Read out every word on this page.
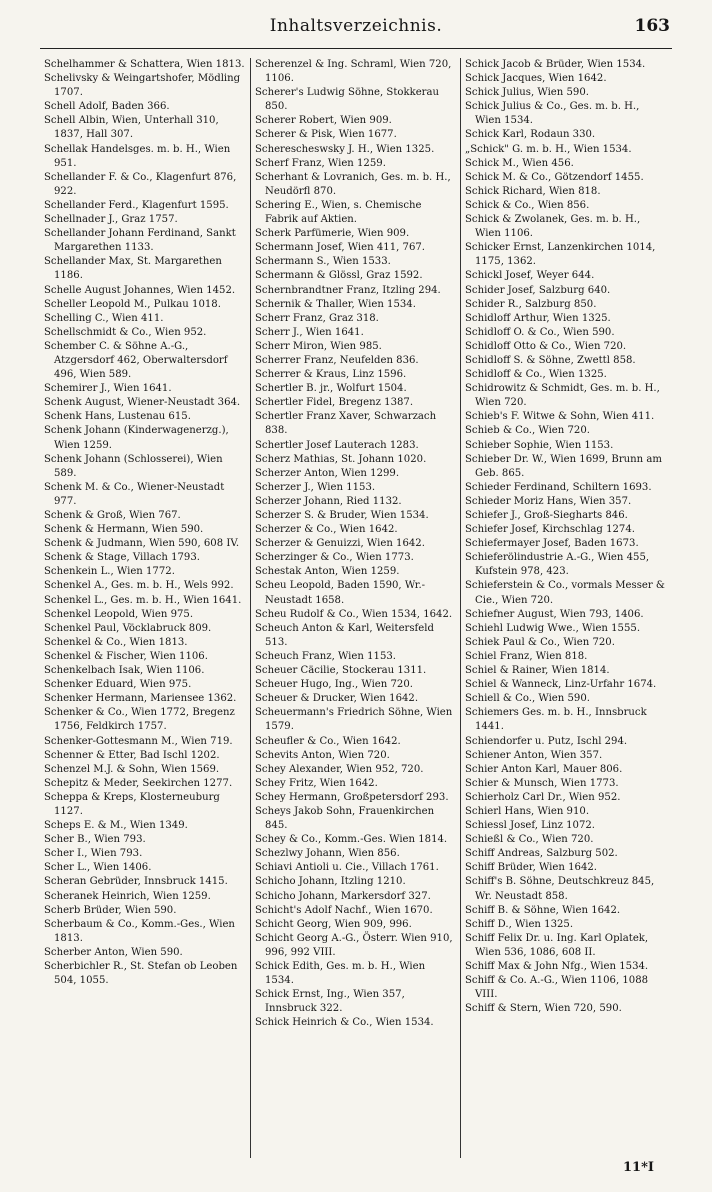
Inhaltsverzeichnis.	163

Schelhammer & Schattera, Wien 1813.

Schelivsky & Weingartshofer, Mödling 1707.

Schell Adolf, Baden 366.

Schell Albin, Wien, Unterhall 310, 1837, Hall 307.

Schellak Handelsges. m. b. H., Wien 951.

Schellander F. & Co., Klagenfurt 876, 922.

Schellander Ferd., Klagenfurt 1595.

Schellnader J., Graz 1757.

Schellander Johann Ferdinand, Sankt Margarethen 1133.

Schellander Max, St. Margarethen 1186.

Schelle August Johannes, Wien 1452.

Scheller Leopold M., Pulkau 1018.

Schelling C., Wien 411.

Schellschmidt & Co., Wien 952.

Schember C. & Söhne A.-G., Atzgersdorf 462, Oberwaltersdorf 496, Wien 589.

Schemirer J., Wien 1641.

Schenk August, Wiener-Neustadt 364.

Schenk Hans, Lustenau 615.

Schenk Johann (Kinderwagenerzg.), Wien 1259.

Schenk Johann (Schlosserei), Wien 589.

Schenk M. & Co., Wiener-Neustadt 977.

Schenk & Groß, Wien 767.

Schenk & Hermann, Wien 590.

Schenk & Judmann, Wien 590, 608 IV.

Schenk & Stage, Villach 1793.

Schenkein L., Wien 1772.

Schenkel A., Ges. m. b. H., Wels 992.

Schenkel L., Ges. m. b. H., Wien 1641.

Schenkel Leopold, Wien 975.

Schenkel Paul, Vöcklabruck 809.

Schenkel & Co., Wien 1813.

Schenkel & Fischer, Wien 1106.

Schenkelbach Isak, Wien 1106.

Schenker Eduard, Wien 975.

Schenker Hermann, Mariensee 1362.

Schenker & Co., Wien 1772, Bregenz 1756, Feldkirch 1757.

Schenker-Gottesmann M., Wien 719.

Schenner & Etter, Bad Ischl 1202.

Schenzel M.J. & Sohn, Wien 1569.

Schepitz & Meder, Seekirchen 1277.

Scheppa & Kreps, Klosterneuburg 1127.

Scheps E. & M., Wien 1349.

Scher B., Wien 793.

Scher I., Wien 793.

Scher L., Wien 1406.

Scheran Gebrüder, Innsbruck 1415.

Scheranek Heinrich, Wien 1259.

Scherb Brüder, Wien 590.

Scherbaum & Co., Komm.-Ges., Wien 1813.

Scherber Anton, Wien 590.

Scherbichler R., St. Stefan ob Leoben 504, 1055.

Scherenzel & Ing. Schraml, Wien 720, 1106.

Scherer's Ludwig Söhne, Stokkerau 850.

Scherer Robert, Wien 909.

Scherer & Pisk, Wien 1677.

Scherescheswsky J. H., Wien 1325.

Scherf Franz, Wien 1259.

Scherhant & Lovranich, Ges. m. b. H., Neudörfl 870.

Schering E., Wien, s. Chemische Fabrik auf Aktien.

Scherk Parfümerie, Wien 909.

Schermann Josef, Wien 411, 767.

Schermann S., Wien 1533.

Schermann & Glössl, Graz 1592.

Schernbrandtner Franz, Itzling 294.

Schernik & Thaller, Wien 1534.

Scherr Franz, Graz 318.

Scherr J., Wien 1641.

Scherr Miron, Wien 985.

Scherrer Franz, Neufelden 836.

Scherrer & Kraus, Linz 1596.

Schertler B. jr., Wolfurt 1504.

Schertler Fidel, Bregenz 1387.

Schertler Franz Xaver, Schwarzach 838.

Schertler Josef Lauterach 1283.

Scherz Mathias, St. Johann 1020.

Scherzer Anton, Wien 1299.

Scherzer J., Wien 1153.

Scherzer Johann, Ried 1132.

Scherzer S. & Bruder, Wien 1534.

Scherzer & Co., Wien 1642.

Scherzer & Genuizzi, Wien 1642.

Scherzinger & Co., Wien 1773.

Schestak Anton, Wien 1259.

Scheu Leopold, Baden 1590, Wr.-Neustadt 1658.

Scheu Rudolf & Co., Wien 1534, 1642.

Scheuch Anton & Karl, Weitersfeld 513.

Scheuch Franz, Wien 1153.

Scheuer Cäcilie, Stockerau 1311.

Scheuer Hugo, Ing., Wien 720.

Scheuer & Drucker, Wien 1642.

Scheuermann's Friedrich Söhne, Wien 1579.

Scheufler & Co., Wien 1642.

Schevits Anton, Wien 720.

Schey Alexander, Wien 952, 720.

Schey Fritz, Wien 1642.

Schey Hermann, Großpetersdorf 293.

Scheys Jakob Sohn, Frauenkirchen 845.

Schey & Co., Komm.-Ges. Wien 1814.

Schezlwy Johann, Wien 856.

Schiavi Antioli u. Cie., Villach 1761.

Schicho Johann, Itzling 1210.

Schicho Johann, Markersdorf 327.

Schicht's Adolf Nachf., Wien 1670.

Schicht Georg, Wien 909, 996.

Schicht Georg A.-G., Österr. Wien 910, 996, 992 VIII.

Schick Edith, Ges. m. b. H., Wien 1534.

Schick Ernst, Ing., Wien 357, Innsbruck 322.

Schick Heinrich & Co., Wien 1534.

Schick Jacob & Brüder, Wien 1534.

Schick Jacques, Wien 1642.

Schick Julius, Wien 590.

Schick Julius & Co., Ges. m. b. H., Wien 1534.

Schick Karl, Rodaun 330.

„Schick" G. m. b. H., Wien 1534.

Schick M., Wien 456.

Schick M. & Co., Götzendorf 1455.

Schick Richard, Wien 818.

Schick & Co., Wien 856.

Schick & Zwolanek, Ges. m. b. H., Wien 1106.

Schicker Ernst, Lanzenkirchen 1014, 1175, 1362.

Schickl Josef, Weyer 644.

Schider Josef, Salzburg 640.

Schider R., Salzburg 850.

Schidloff Arthur, Wien 1325.

Schidloff O. & Co., Wien 590.

Schidloff Otto & Co., Wien 720.

Schidloff S. & Söhne, Zwettl 858.

Schidloff & Co., Wien 1325.

Schidrowitz & Schmidt, Ges. m. b. H., Wien 720.

Schieb's F. Witwe & Sohn, Wien 411.

Schieb & Co., Wien 720.

Schieber Sophie, Wien 1153.

Schieber Dr. W., Wien 1699, Brunn am Geb. 865.

Schieder Ferdinand, Schiltern 1693.

Schieder Moriz Hans, Wien 357.

Schiefer J., Groß-Siegharts 846.

Schiefer Josef, Kirchschlag 1274.

Schiefermayer Josef, Baden 1673.

Schieferölindustrie A.-G., Wien 455, Kufstein 978, 423.

Schieferstein & Co., vormals Messer & Cie., Wien 720.

Schiefner August, Wien 793, 1406.

Schiehl Ludwig Wwe., Wien 1555.

Schiek Paul & Co., Wien 720.

Schiel Franz, Wien 818.

Schiel & Rainer, Wien 1814.

Schiel & Wanneck, Linz-Urfahr 1674.

Schiell & Co., Wien 590.

Schiemers Ges. m. b. H., Innsbruck 1441.

Schiendorfer u. Putz, Ischl 294.

Schiener Anton, Wien 357.

Schier Anton Karl, Mauer 806.

Schier & Munsch, Wien 1773.

Schierholz Carl Dr., Wien 952.

Schierl Hans, Wien 910.

Schiessl Josef, Linz 1072.

Schießl & Co., Wien 720.

Schiff Andreas, Salzburg 502.

Schiff Brüder, Wien 1642.

Schiff's B. Söhne, Deutschkreuz 845, Wr. Neustadt 858.

Schiff B. & Söhne, Wien 1642.

Schiff D., Wien 1325.

Schiff Felix Dr. u. Ing. Karl Oplatek, Wien 536, 1086, 608 II.

Schiff Max & John Nfg., Wien 1534.

Schiff & Co. A.-G., Wien 1106, 1088 VIII.

Schiff & Stern, Wien 720, 590.

11*I
